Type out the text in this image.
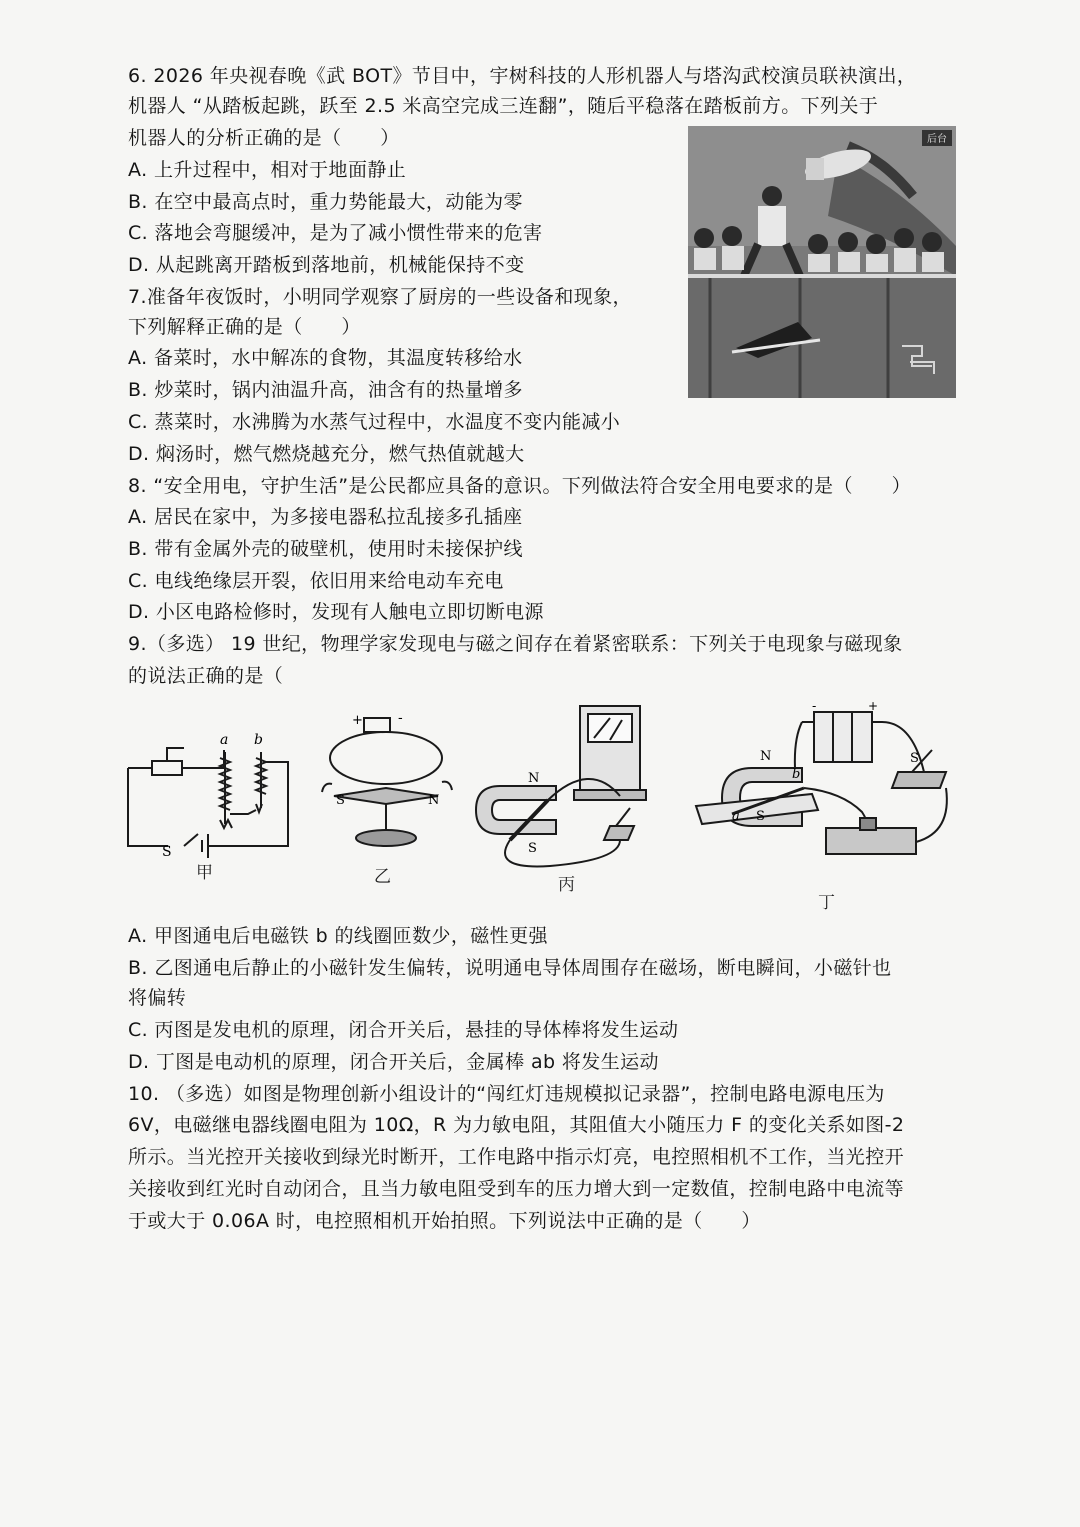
6. 2026 年央视春晚《武 BOT》节目中，宇树科技的人形机器人与塔沟武校演员联袂演出，
机器人 “从踏板起跳，跃至 2.5 米高空完成三连翻”，随后平稳落在踏板前方。下列关于
机器人的分析正确的是（　　）
A. 上升过程中，相对于地面静止
B. 在空中最高点时，重力势能最大，动能为零
C. 落地会弯腿缓冲，是为了减小惯性带来的危害
D. 从起跳离开踏板到落地前，机械能保持不变
后台
7.准备年夜饭时，小明同学观察了厨房的一些设备和现象，
下列解释正确的是（　　）
A. 备菜时，水中解冻的食物，其温度转移给水
B. 炒菜时，锅内油温升高，油含有的热量增多
C. 蒸菜时，水沸腾为水蒸气过程中，水温度不变内能减小
D. 焖汤时，燃气燃烧越充分，燃气热值就越大
8. “安全用电，守护生活”是公民都应具备的意识。下列做法符合安全用电要求的是（　　）
A. 居民在家中，为多接电器私拉乱接多孔插座
B. 带有金属外壳的破壁机，使用时未接保护线
C. 电线绝缘层开裂，依旧用来给电动车充电
D. 小区电路检修时，发现有人触电立即切断电源
9.（多选） 19 世纪，物理学家发现电与磁之间存在着紧密联系：下列关于电现象与磁现象
的说法正确的是（
a b
S
甲
+	-
S	N
乙
N
S
丙
-	+
N
b
a S
S
丁
A. 甲图通电后电磁铁 b 的线圈匝数少，磁性更强
B. 乙图通电后静止的小磁针发生偏转，说明通电导体周围存在磁场，断电瞬间，小磁针也
将偏转
C. 丙图是发电机的原理，闭合开关后，悬挂的导体棒将发生运动
D. 丁图是电动机的原理，闭合开关后，金属棒 ab 将发生运动
10. （多选）如图是物理创新小组设计的“闯红灯违规模拟记录器”，控制电路电源电压为
6V，电磁继电器线圈电阻为 10Ω，R 为力敏电阻，其阻值大小随压力 F 的变化关系如图-2
所示。当光控开关接收到绿光时断开，工作电路中指示灯亮，电控照相机不工作，当光控开
关接收到红光时自动闭合，且当力敏电阻受到车的压力增大到一定数值，控制电路中电流等
于或大于 0.06A 时，电控照相机开始拍照。下列说法中正确的是（　　）
